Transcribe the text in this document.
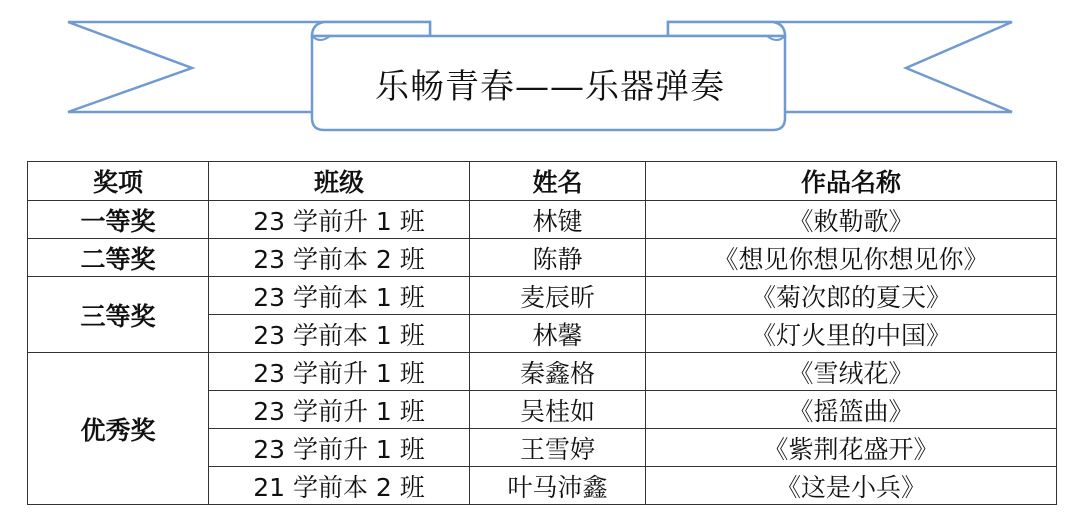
乐畅青春——乐器弹奏
奖项	班级	姓名	作品名称
一等奖	23 学前升 1 班	林键	《敕勒歌》
二等奖	23 学前本 2 班	陈静	《想见你想见你想见你》
三等奖	23 学前本 1 班	麦辰昕	《菊次郎的夏天》
	23 学前本 1 班	林馨	《灯火里的中国》
优秀奖	23 学前升 1 班	秦鑫格	《雪绒花》
	23 学前升 1 班	吴桂如	《摇篮曲》
	23 学前升 1 班	王雪婷	《紫荆花盛开》
	21 学前本 2 班	叶马沛鑫	《这是小兵》
